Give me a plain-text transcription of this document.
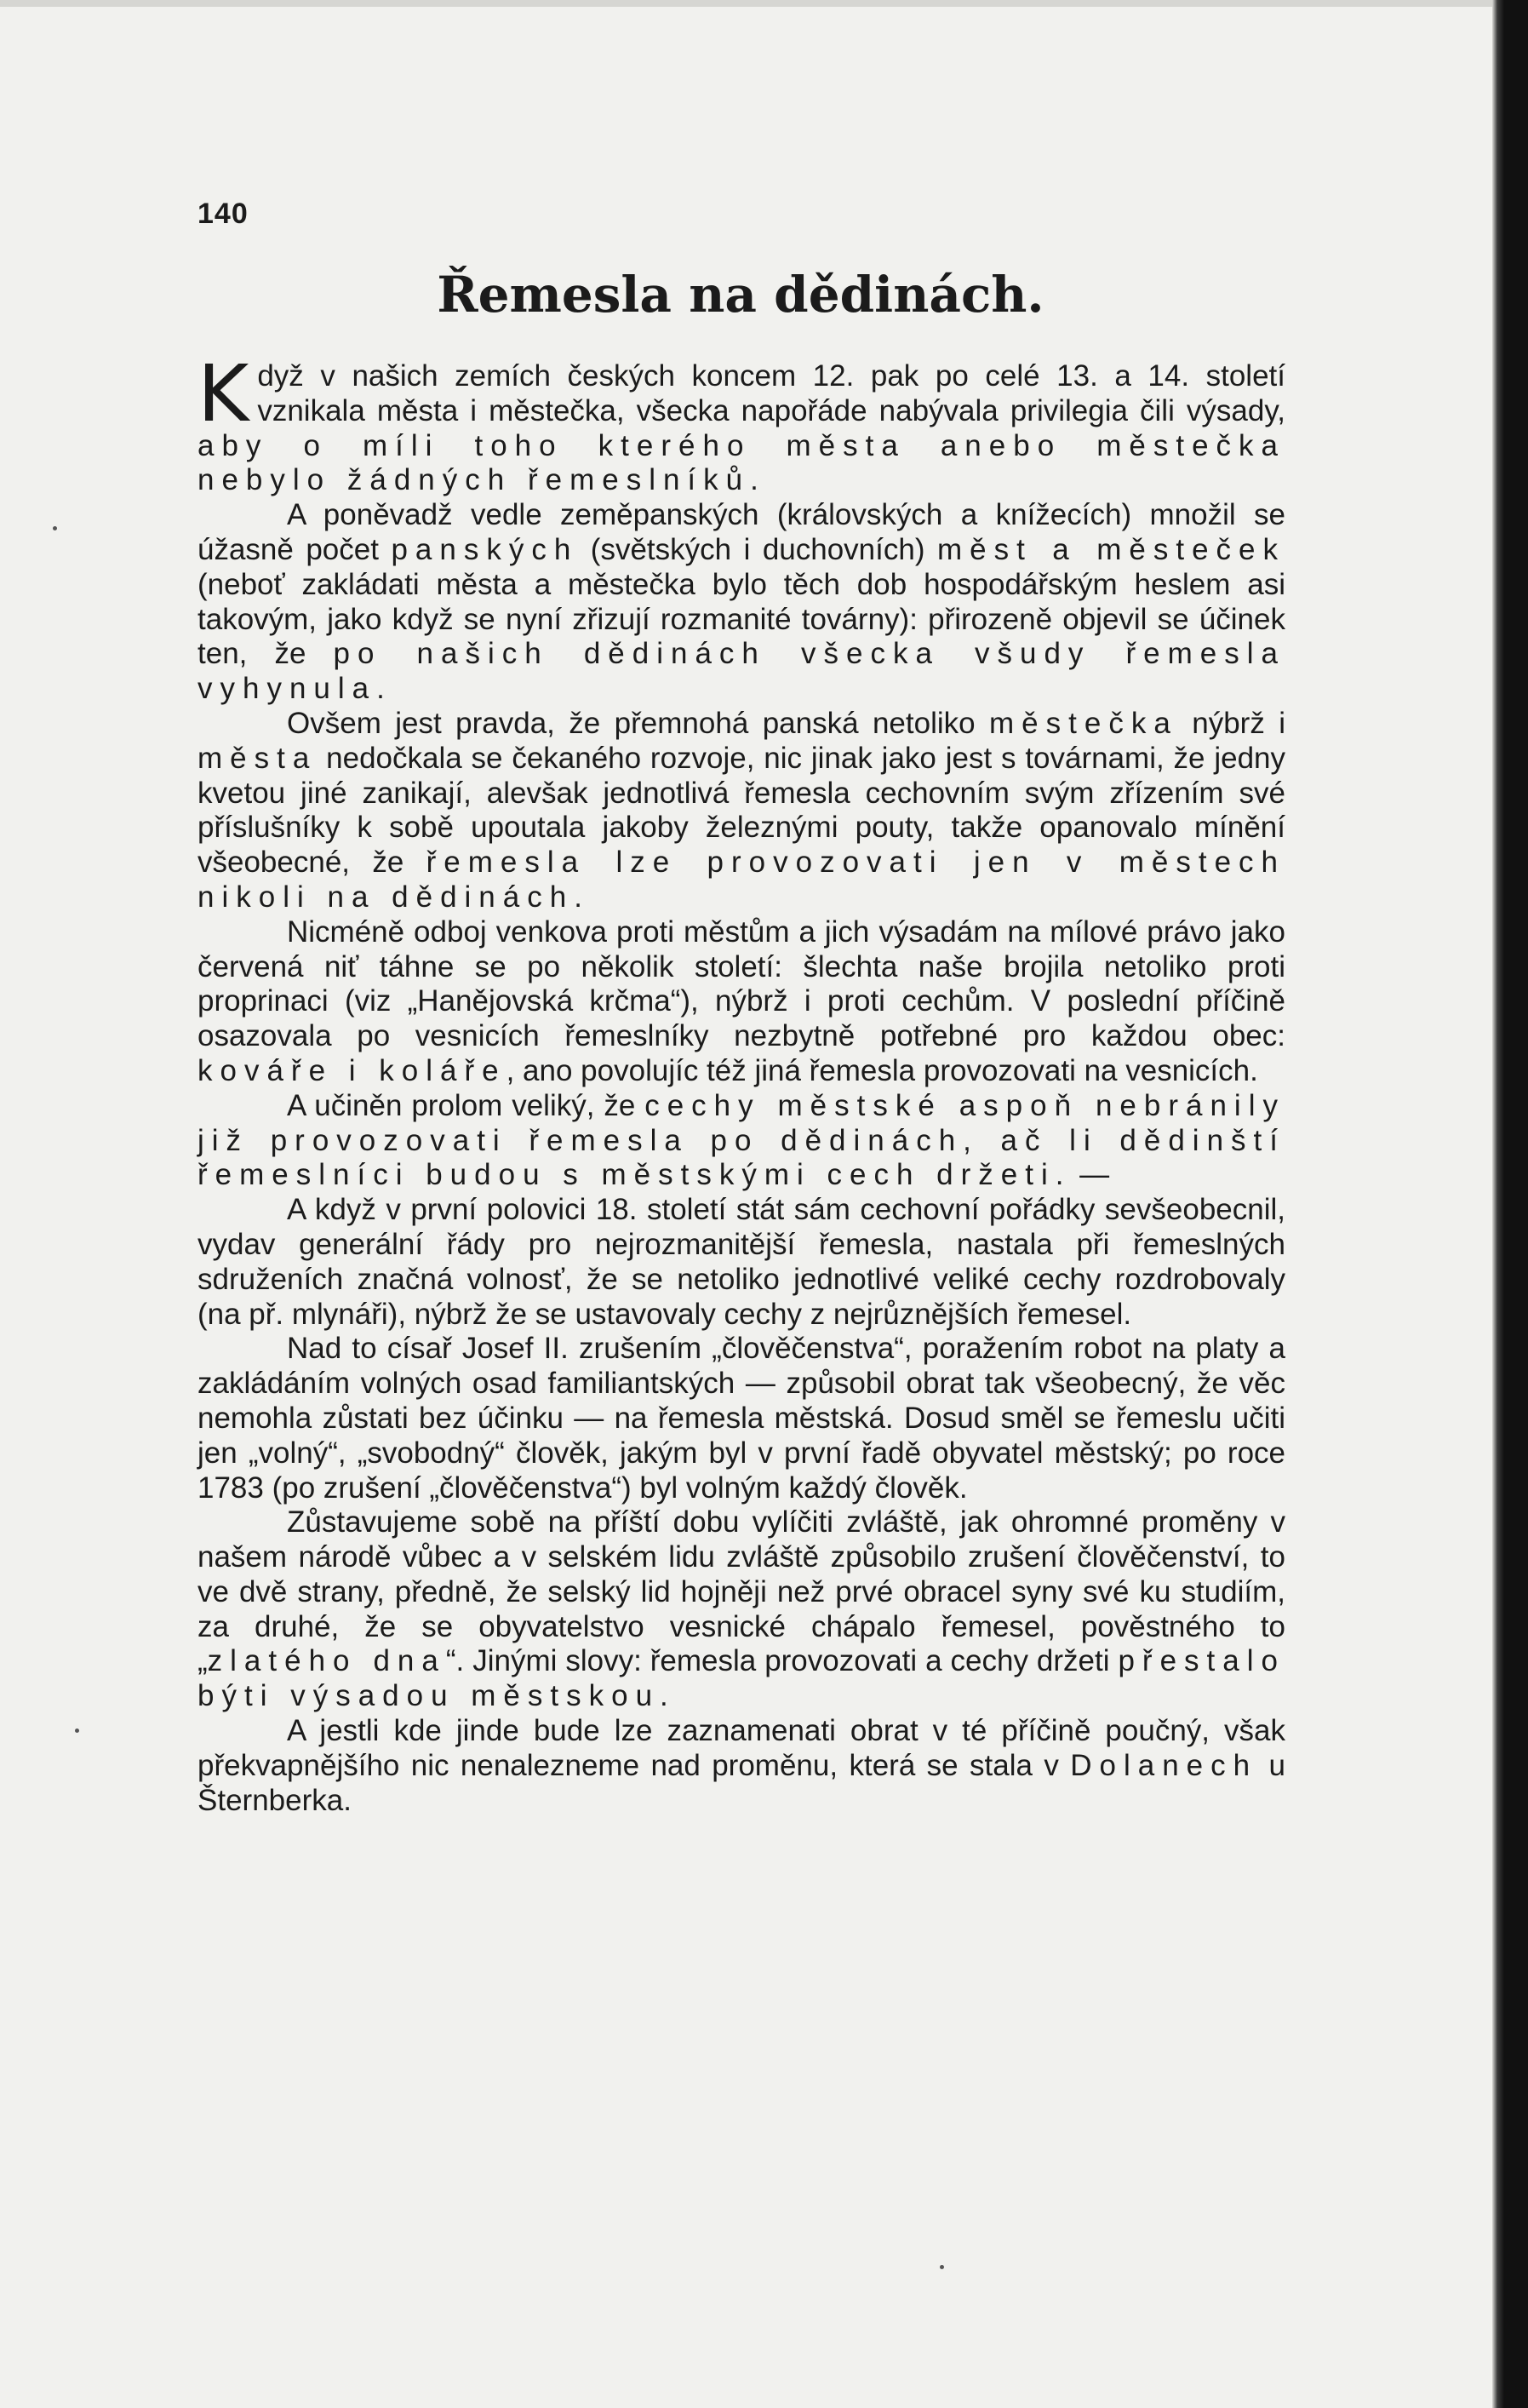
140
Řemesla na dědinách.

Když v našich zemích českých koncem 12. pak po celé 13. a 14. století vznikala města i městečka, všecka napořáde nabývala privilegia čili výsady, aby o míli toho kterého města anebo městečka nebylo žádných řemeslníků.

A poněvadž vedle zeměpanských (královských a knížecích) množil se úžasně počet panských (světských i duchovních) měst a městeček (neboť zakládati města a městečka bylo těch dob hospodářským heslem asi takovým, jako když se nyní zřizují rozmanité továrny): přirozeně objevil se účinek ten, že po našich dědinách všecka všudy řemesla vyhynula.

Ovšem jest pravda, že přemnohá panská netoliko městečka nýbrž i města nedočkala se čekaného rozvoje, nic jinak jako jest s továrnami, že jedny kvetou jiné zanikají, alevšak jednotlivá řemesla cechovním svým zřízením své příslušníky k sobě upoutala jakoby železnými pouty, takže opanovalo mínění všeobecné, že řemesla lze provozovati jen v městech nikoli na dědinách.

Nicméně odboj venkova proti městům a jich výsadám na mílové právo jako červená niť táhne se po několik století: šlechta naše brojila netoliko proti proprinaci (viz „Hanějovská krčma“), nýbrž i proti cechům. V poslední příčině osazovala po vesnicích řemeslníky nezbytně potřebné pro každou obec: kováře i koláře, ano povolujíc též jiná řemesla provozovati na vesnicích.

A učiněn prolom veliký, že cechy městské aspoň nebránily již provozovati řemesla po dědinách, ač li dědinští řemeslníci budou s městskými cech držeti. —

A když v první polovici 18. století stát sám cechovní pořádky sevšeobecnil, vydav generální řády pro nejrozmanitější řemesla, nastala při řemeslných sdruženích značná volnosť, že se netoliko jednotlivé veliké cechy rozdrobovaly (na př. mlynáři), nýbrž že se ustavovaly cechy z nejrůznějších řemesel.

Nad to císař Josef II. zrušením „člověčenstva“, poražením robot na platy a zakládáním volných osad familiantských — způsobil obrat tak všeobecný, že věc nemohla zůstati bez účinku — na řemesla městská. Dosud směl se řemeslu učiti jen „volný“, „svobodný“ člověk, jakým byl v první řadě obyvatel městský; po roce 1783 (po zrušení „člověčenstva“) byl volným každý člověk.

Zůstavujeme sobě na příští dobu vylíčiti zvláště, jak ohromné proměny v našem národě vůbec a v selském lidu zvláště způsobilo zrušení člověčenství, to ve dvě strany, předně, že selský lid hojněji než prvé obracel syny své ku studiím, za druhé, že se obyvatelstvo vesnické chápalo řemesel, pověstného to „zlatého dna“. Jinými slovy: řemesla provozovati a cechy držeti přestalo býti výsadou městskou.

A jestli kde jinde bude lze zaznamenati obrat v té příčině poučný, však překvapnějšího nic nenalezneme nad proměnu, která se stala v Dolanech u Šternberka.
